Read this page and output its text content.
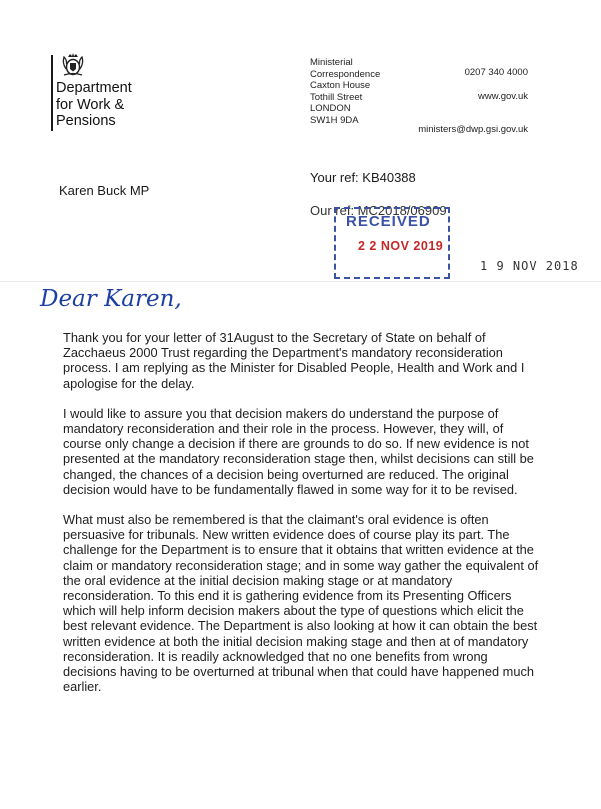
Department
for Work &
Pensions
Ministerial
Correspondence
Caxton House
Tothill Street
LONDON
SW1H 9DA
0207 340 4000
www.gov.uk
ministers@dwp.gsi.gov.uk
Karen Buck MP
Your ref: KB40388
Our ref: MC2018/06909
RECEIVED
2 2 NOV 2019
1 9 NOV 2018
Dear Karen,

Thank you for your letter of 31August to the Secretary of State on behalf of Zacchaeus 2000 Trust regarding the Department's mandatory reconsideration process. I am replying as the Minister for Disabled People, Health and Work and I apologise for the delay.

I would like to assure you that decision makers do understand the purpose of mandatory reconsideration and their role in the process. However, they will, of course only change a decision if there are grounds to do so. If new evidence is not presented at the mandatory reconsideration stage then, whilst decisions can still be changed, the chances of a decision being overturned are reduced. The original decision would have to be fundamentally flawed in some way for it to be revised.

What must also be remembered is that the claimant's oral evidence is often persuasive for tribunals. New written evidence does of course play its part. The challenge for the Department is to ensure that it obtains that written evidence at the claim or mandatory reconsideration stage; and in some way gather the equivalent of the oral evidence at the initial decision making stage or at mandatory reconsideration. To this end it is gathering evidence from its Presenting Officers which will help inform decision makers about the type of questions which elicit the best relevant evidence. The Department is also looking at how it can obtain the best written evidence at both the initial decision making stage and then at of mandatory reconsideration. It is readily acknowledged that no one benefits from wrong decisions having to be overturned at tribunal when that could have happened much earlier.
